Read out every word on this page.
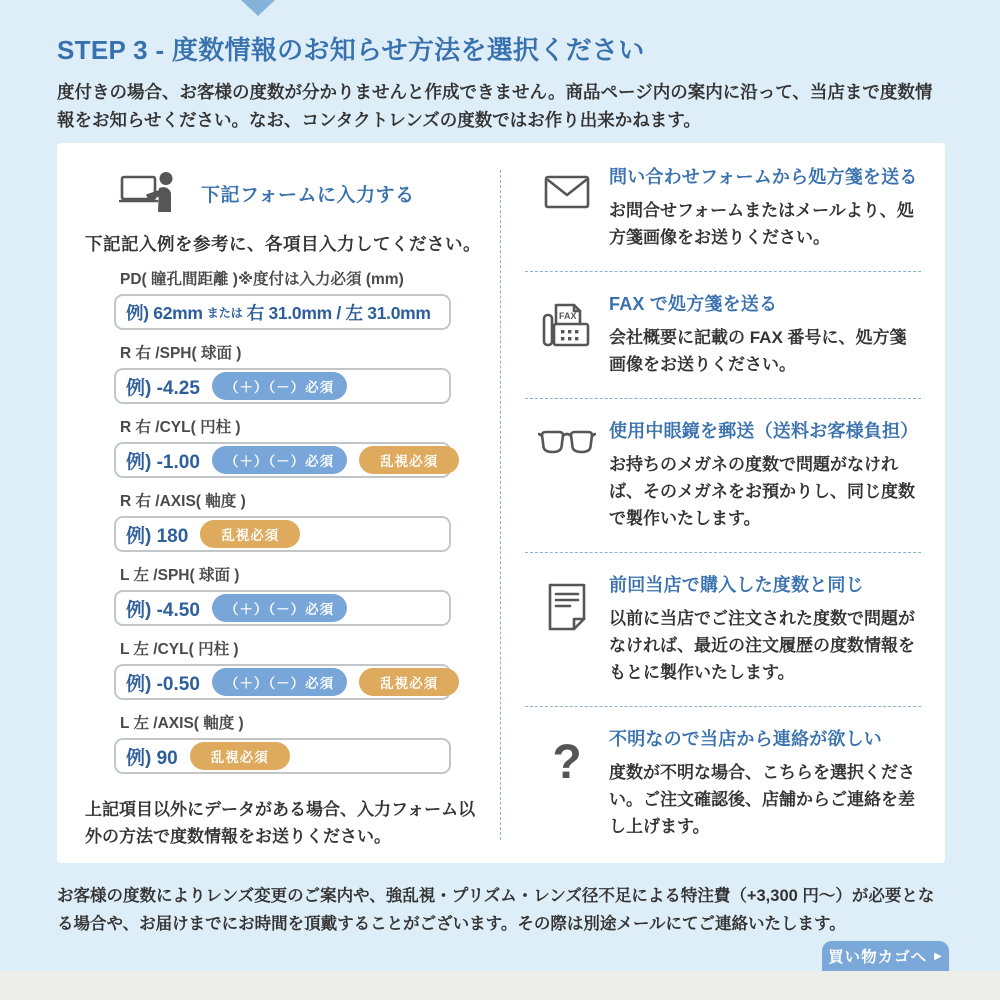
STEP 3 - 度数情報のお知らせ方法を選択ください

度付きの場合、お客様の度数が分かりませんと作成できません。商品ページ内の案内に沿って、当店まで度数情報をお知らせください。なお、コンタクトレンズの度数ではお作り出来かねます。

下記フォームに入力する
下記記入例を参考に、各項目入力してください。
PD( 瞳孔間距離 )※度付は入力必須 (mm)
例) 62mm または 右 31.0mm / 左 31.0mm
R 右 /SPH( 球面 )
例) -4.25	（＋）（－）必須
R 右 /CYL( 円柱 )
例) -1.00	（＋）（－）必須	乱視必須
R 右 /AXIS( 軸度 )
例) 180	乱視必須
L 左 /SPH( 球面 )
例) -4.50	（＋）（－）必須
L 左 /CYL( 円柱 )
例) -0.50	（＋）（－）必須	乱視必須
L 左 /AXIS( 軸度 )
例) 90	乱視必須

上記項目以外にデータがある場合、入力フォーム以外の方法で度数情報をお送りください。

問い合わせフォームから処方箋を送る
お問合せフォームまたはメールより、処方箋画像をお送りください。
FAX
FAX で処方箋を送る
会社概要に記載の FAX 番号に、処方箋画像をお送りください。
使用中眼鏡を郵送（送料お客様負担）
お持ちのメガネの度数で問題がなければ、そのメガネをお預かりし、同じ度数で製作いたします。
前回当店で購入した度数と同じ
以前に当店でご注文された度数で問題がなければ、最近の注文履歴の度数情報をもとに製作いたします。
? 不明なので当店から連絡が欲しい
度数が不明な場合、こちらを選択ください。ご注文確認後、店舗からご連絡を差し上げます。

お客様の度数によりレンズ変更のご案内や、強乱視・プリズム・レンズ径不足による特注費（+3,300 円〜）が必要となる場合や、お届けまでにお時間を頂戴することがございます。その際は別途メールにてご連絡いたします。

買い物カゴへ ▶
